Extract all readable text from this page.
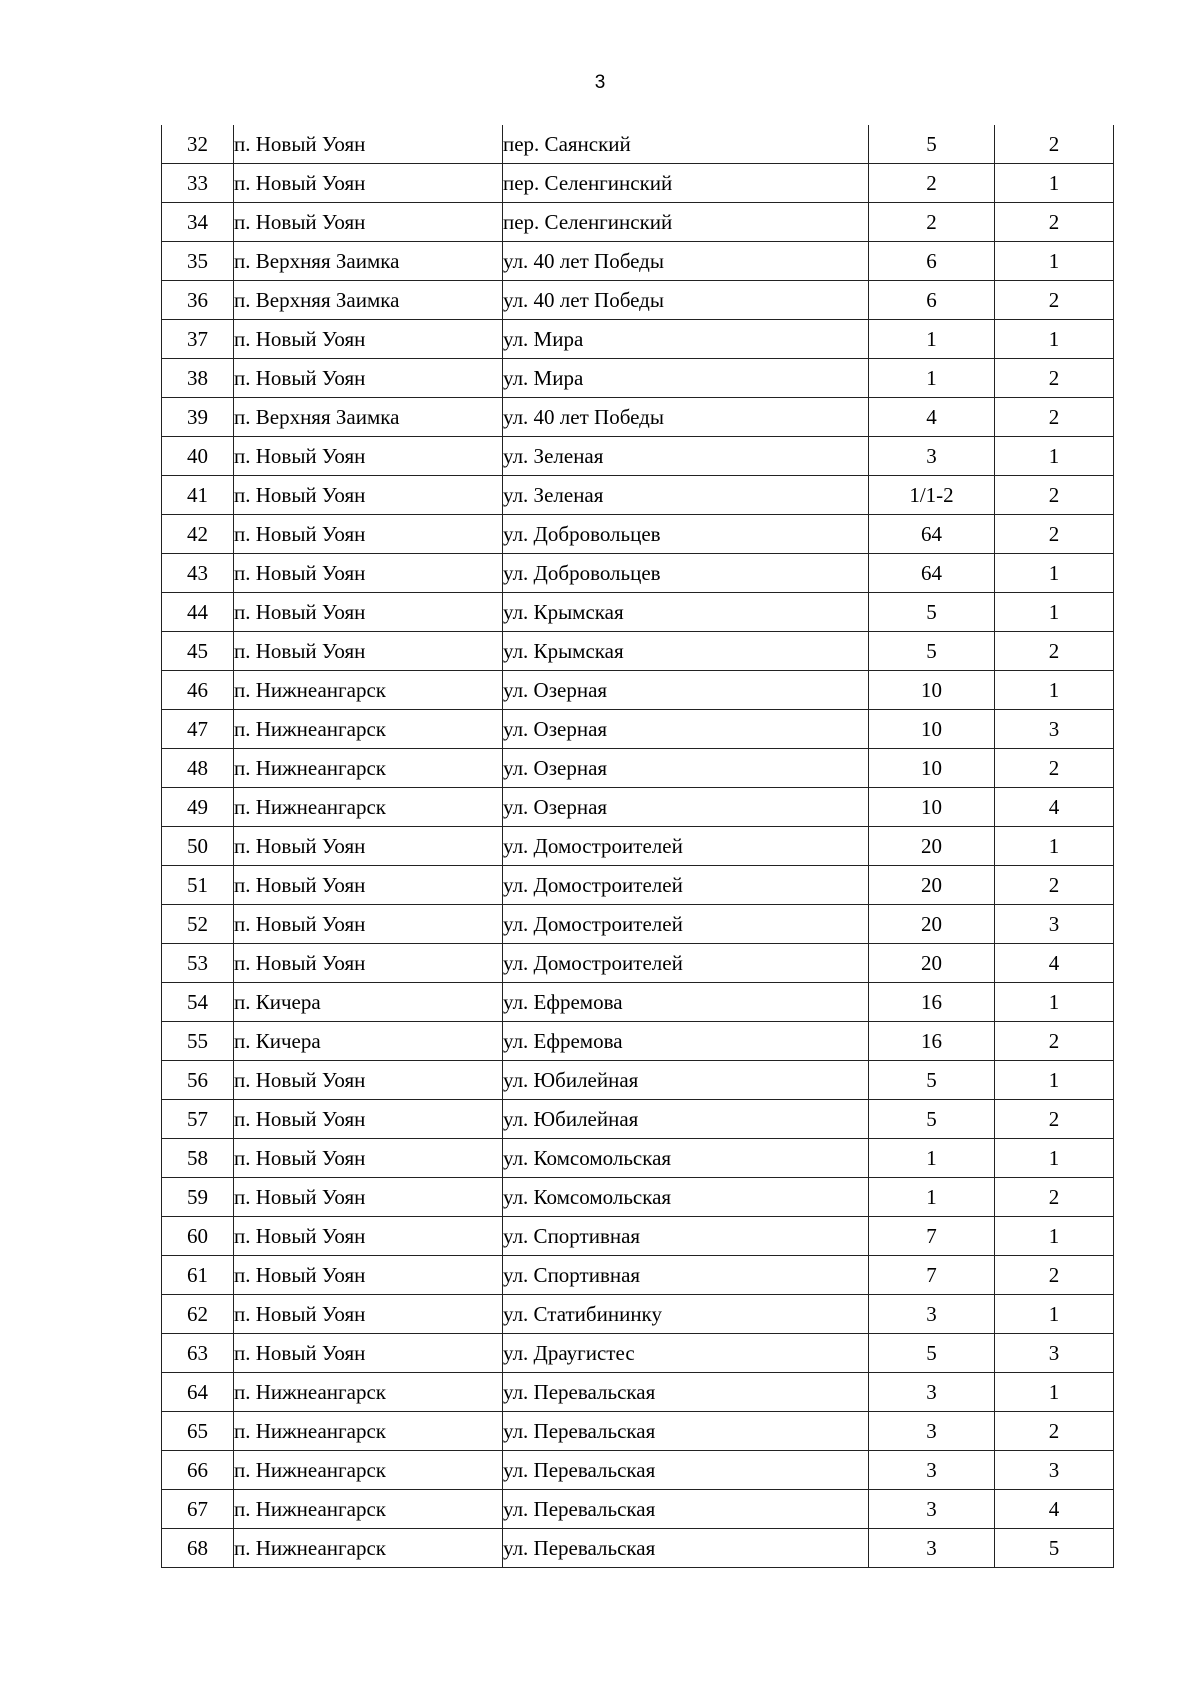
3
32	п. Новый Уоян	пер. Саянский	5	2
33	п. Новый Уоян	пер. Селенгинский	2	1
34	п. Новый Уоян	пер. Селенгинский	2	2
35	п. Верхняя Заимка	ул. 40 лет Победы	6	1
36	п. Верхняя Заимка	ул. 40 лет Победы	6	2
37	п. Новый Уоян	ул. Мира	1	1
38	п. Новый Уоян	ул. Мира	1	2
39	п. Верхняя Заимка	ул. 40 лет Победы	4	2
40	п. Новый Уоян	ул. Зеленая	3	1
41	п. Новый Уоян	ул. Зеленая	1/1-2	2
42	п. Новый Уоян	ул. Добровольцев	64	2
43	п. Новый Уоян	ул. Добровольцев	64	1
44	п. Новый Уоян	ул. Крымская	5	1
45	п. Новый Уоян	ул. Крымская	5	2
46	п. Нижнеангарск	ул. Озерная	10	1
47	п. Нижнеангарск	ул. Озерная	10	3
48	п. Нижнеангарск	ул. Озерная	10	2
49	п. Нижнеангарск	ул. Озерная	10	4
50	п. Новый Уоян	ул. Домостроителей	20	1
51	п. Новый Уоян	ул. Домостроителей	20	2
52	п. Новый Уоян	ул. Домостроителей	20	3
53	п. Новый Уоян	ул. Домостроителей	20	4
54	п. Кичера	ул. Ефремова	16	1
55	п. Кичера	ул. Ефремова	16	2
56	п. Новый Уоян	ул. Юбилейная	5	1
57	п. Новый Уоян	ул. Юбилейная	5	2
58	п. Новый Уоян	ул. Комсомольская	1	1
59	п. Новый Уоян	ул. Комсомольская	1	2
60	п. Новый Уоян	ул. Спортивная	7	1
61	п. Новый Уоян	ул. Спортивная	7	2
62	п. Новый Уоян	ул. Статибининку	3	1
63	п. Новый Уоян	ул. Драугистес	5	3
64	п. Нижнеангарск	ул. Перевальская	3	1
65	п. Нижнеангарск	ул. Перевальская	3	2
66	п. Нижнеангарск	ул. Перевальская	3	3
67	п. Нижнеангарск	ул. Перевальская	3	4
68	п. Нижнеангарск	ул. Перевальская	3	5
